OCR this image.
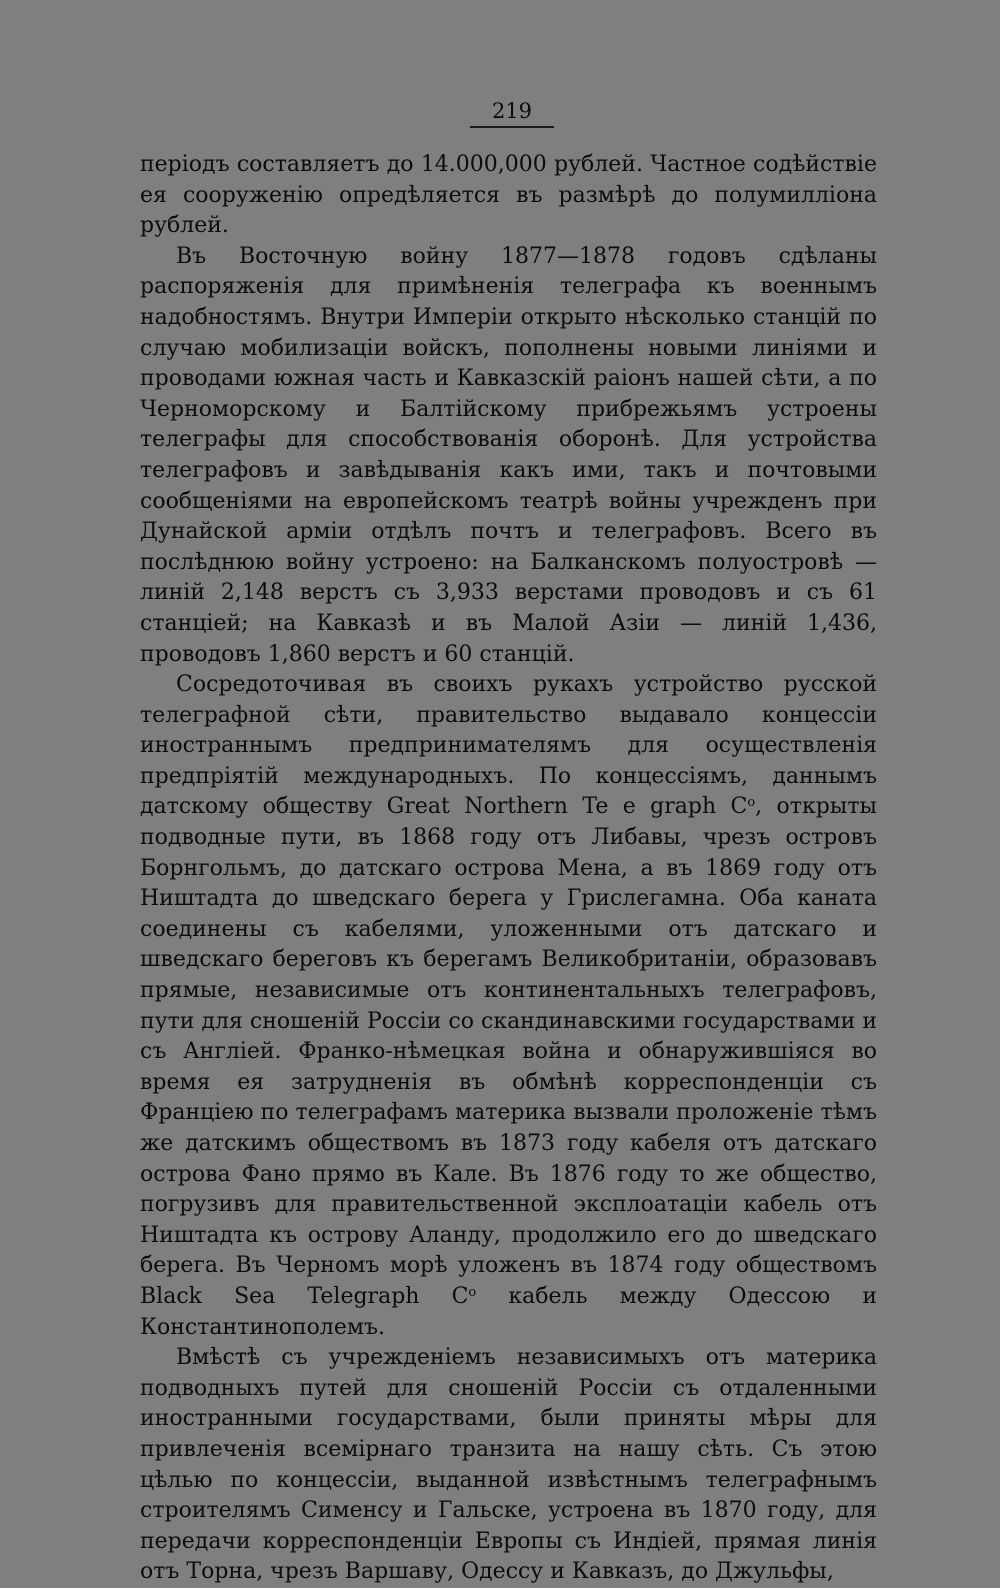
219

періодъ составляетъ до 14.000,000 рублей. Частное содѣйствіе ея сооруженію опредѣляется въ размѣрѣ до полумилліона рублей.

Въ Восточную войну 1877—1878 годовъ сдѣланы распоряженія для примѣненія телеграфа къ военнымъ надобностямъ. Внутри Имперіи открыто нѣсколько станцій по случаю мобилизаціи войскъ, пополнены новыми линіями и проводами южная часть и Кавказскій раіонъ нашей сѣти, а по Черноморскому и Балтійскому прибрежьямъ устроены телеграфы для способствованія оборонѣ. Для устройства телеграфовъ и завѣдыванія какъ ими, такъ и почтовыми сообщеніями на европейскомъ театрѣ войны учрежденъ при Дунайской арміи отдѣлъ почтъ и телеграфовъ. Всего въ послѣднюю войну устроено: на Балканскомъ полуостровѣ — линій 2,148 верстъ съ 3,933 верстами проводовъ и съ 61 станціей; на Кавказѣ и въ Малой Азіи — линій 1,436, проводовъ 1,860 верстъ и 60 станцій.

Сосредоточивая въ своихъ рукахъ устройство русской телеграфной сѣти, правительство выдавало концессіи иностраннымъ предпринимателямъ для осуществленія предпріятій международныхъ. По концессіямъ, даннымъ датскому обществу Great Northern Te e graph $C^o$, открыты подводные пути, въ 1868 году отъ Либавы, чрезъ островъ Борнгольмъ, до датскаго острова Мена, а въ 1869 году отъ Ништадта до шведскаго берега у Грислегамна. Оба каната соединены съ кабелями, уложенными отъ датскаго и шведскаго береговъ къ берегамъ Великобританіи, образовавъ прямые, независимые отъ континентальныхъ телеграфовъ, пути для сношеній Россіи со скандинавскими государствами и съ Англіей. Франко-нѣмецкая война и обнаружившіяся во время ея затрудненія въ обмѣнѣ корреспонденціи съ Франціею по телеграфамъ материка вызвали проложеніе тѣмъ же датскимъ обществомъ въ 1873 году кабеля отъ датскаго острова Фано прямо въ Кале. Въ 1876 году то же общество, погрузивъ для правительственной эксплоатаціи кабель отъ Ништадта къ острову Аланду, продолжило его до шведскаго берега. Въ Черномъ морѣ уложенъ въ 1874 году обществомъ Black Sea Telegraph $C^o$ кабель между Одессою и Константинополемъ.

Вмѣстѣ съ учрежденіемъ независимыхъ отъ материка подводныхъ путей для сношеній Россіи съ отдаленными иностранными государствами, были приняты мѣры для привлеченія всемірнаго транзита на нашу сѣть. Съ этою цѣлью по концессіи, выданной извѣстнымъ телеграфнымъ строителямъ Сименсу и Гальске, устроена въ 1870 году, для передачи корреспонденціи Европы съ Индіей, прямая линія отъ Торна, чрезъ Варшаву, Одессу и Кавказъ, до Джульфы,
